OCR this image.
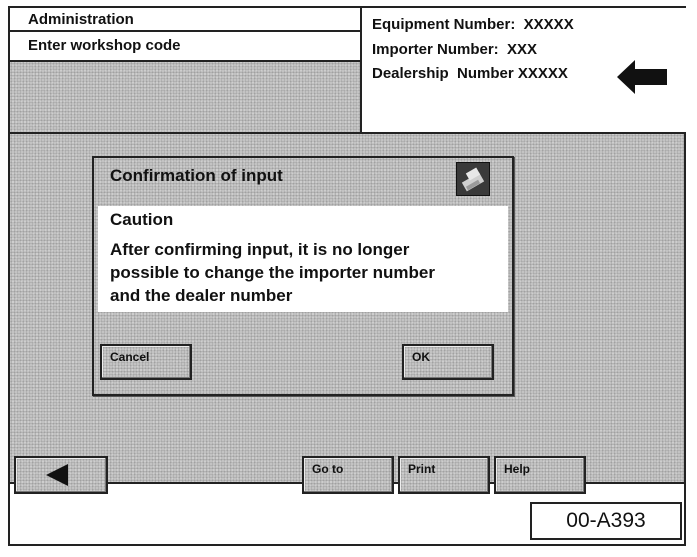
Administration
Enter workshop code
Equipment Number:  XXXXX
Importer Number:  XXX
Dealership  Number XXXXX
Confirmation of input
Caution
After confirming input, it is no longer
possible to change the importer number
and the dealer number
Cancel	OK
Go to	Print	Help
00-A393
